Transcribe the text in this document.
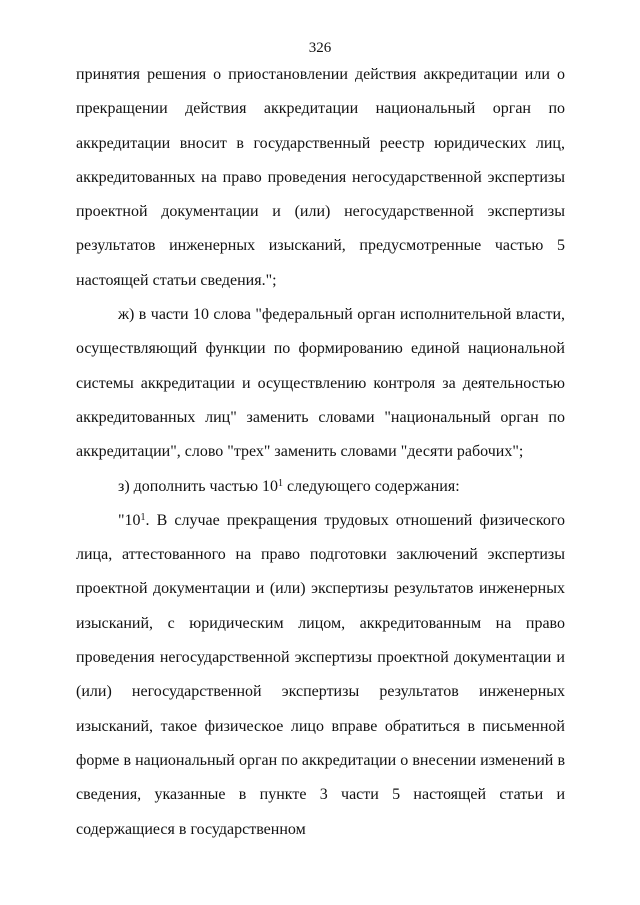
326

принятия решения о приостановлении действия аккредитации или о прекращении действия аккредитации национальный орган по аккредитации вносит в государственный реестр юридических лиц, аккредитованных на право проведения негосударственной экспертизы проектной документации и (или) негосударственной экспертизы результатов инженерных изысканий, предусмотренные частью 5 настоящей статьи сведения.";

ж) в части 10 слова "федеральный орган исполнительной власти, осуществляющий функции по формированию единой национальной системы аккредитации и осуществлению контроля за деятельностью аккредитованных лиц" заменить словами "национальный орган по аккредитации", слово "трех" заменить словами "десяти рабочих";

з) дополнить частью $10^1$ следующего содержания:

"$10^1$. В случае прекращения трудовых отношений физического лица, аттестованного на право подготовки заключений экспертизы проектной документации и (или) экспертизы результатов инженерных изысканий, с юридическим лицом, аккредитованным на право проведения негосударственной экспертизы проектной документации и (или) негосударственной экспертизы результатов инженерных изысканий, такое физическое лицо вправе обратиться в письменной форме в национальный орган по аккредитации о внесении изменений в сведения, указанные в пункте 3 части 5 настоящей статьи и содержащиеся в государственном
